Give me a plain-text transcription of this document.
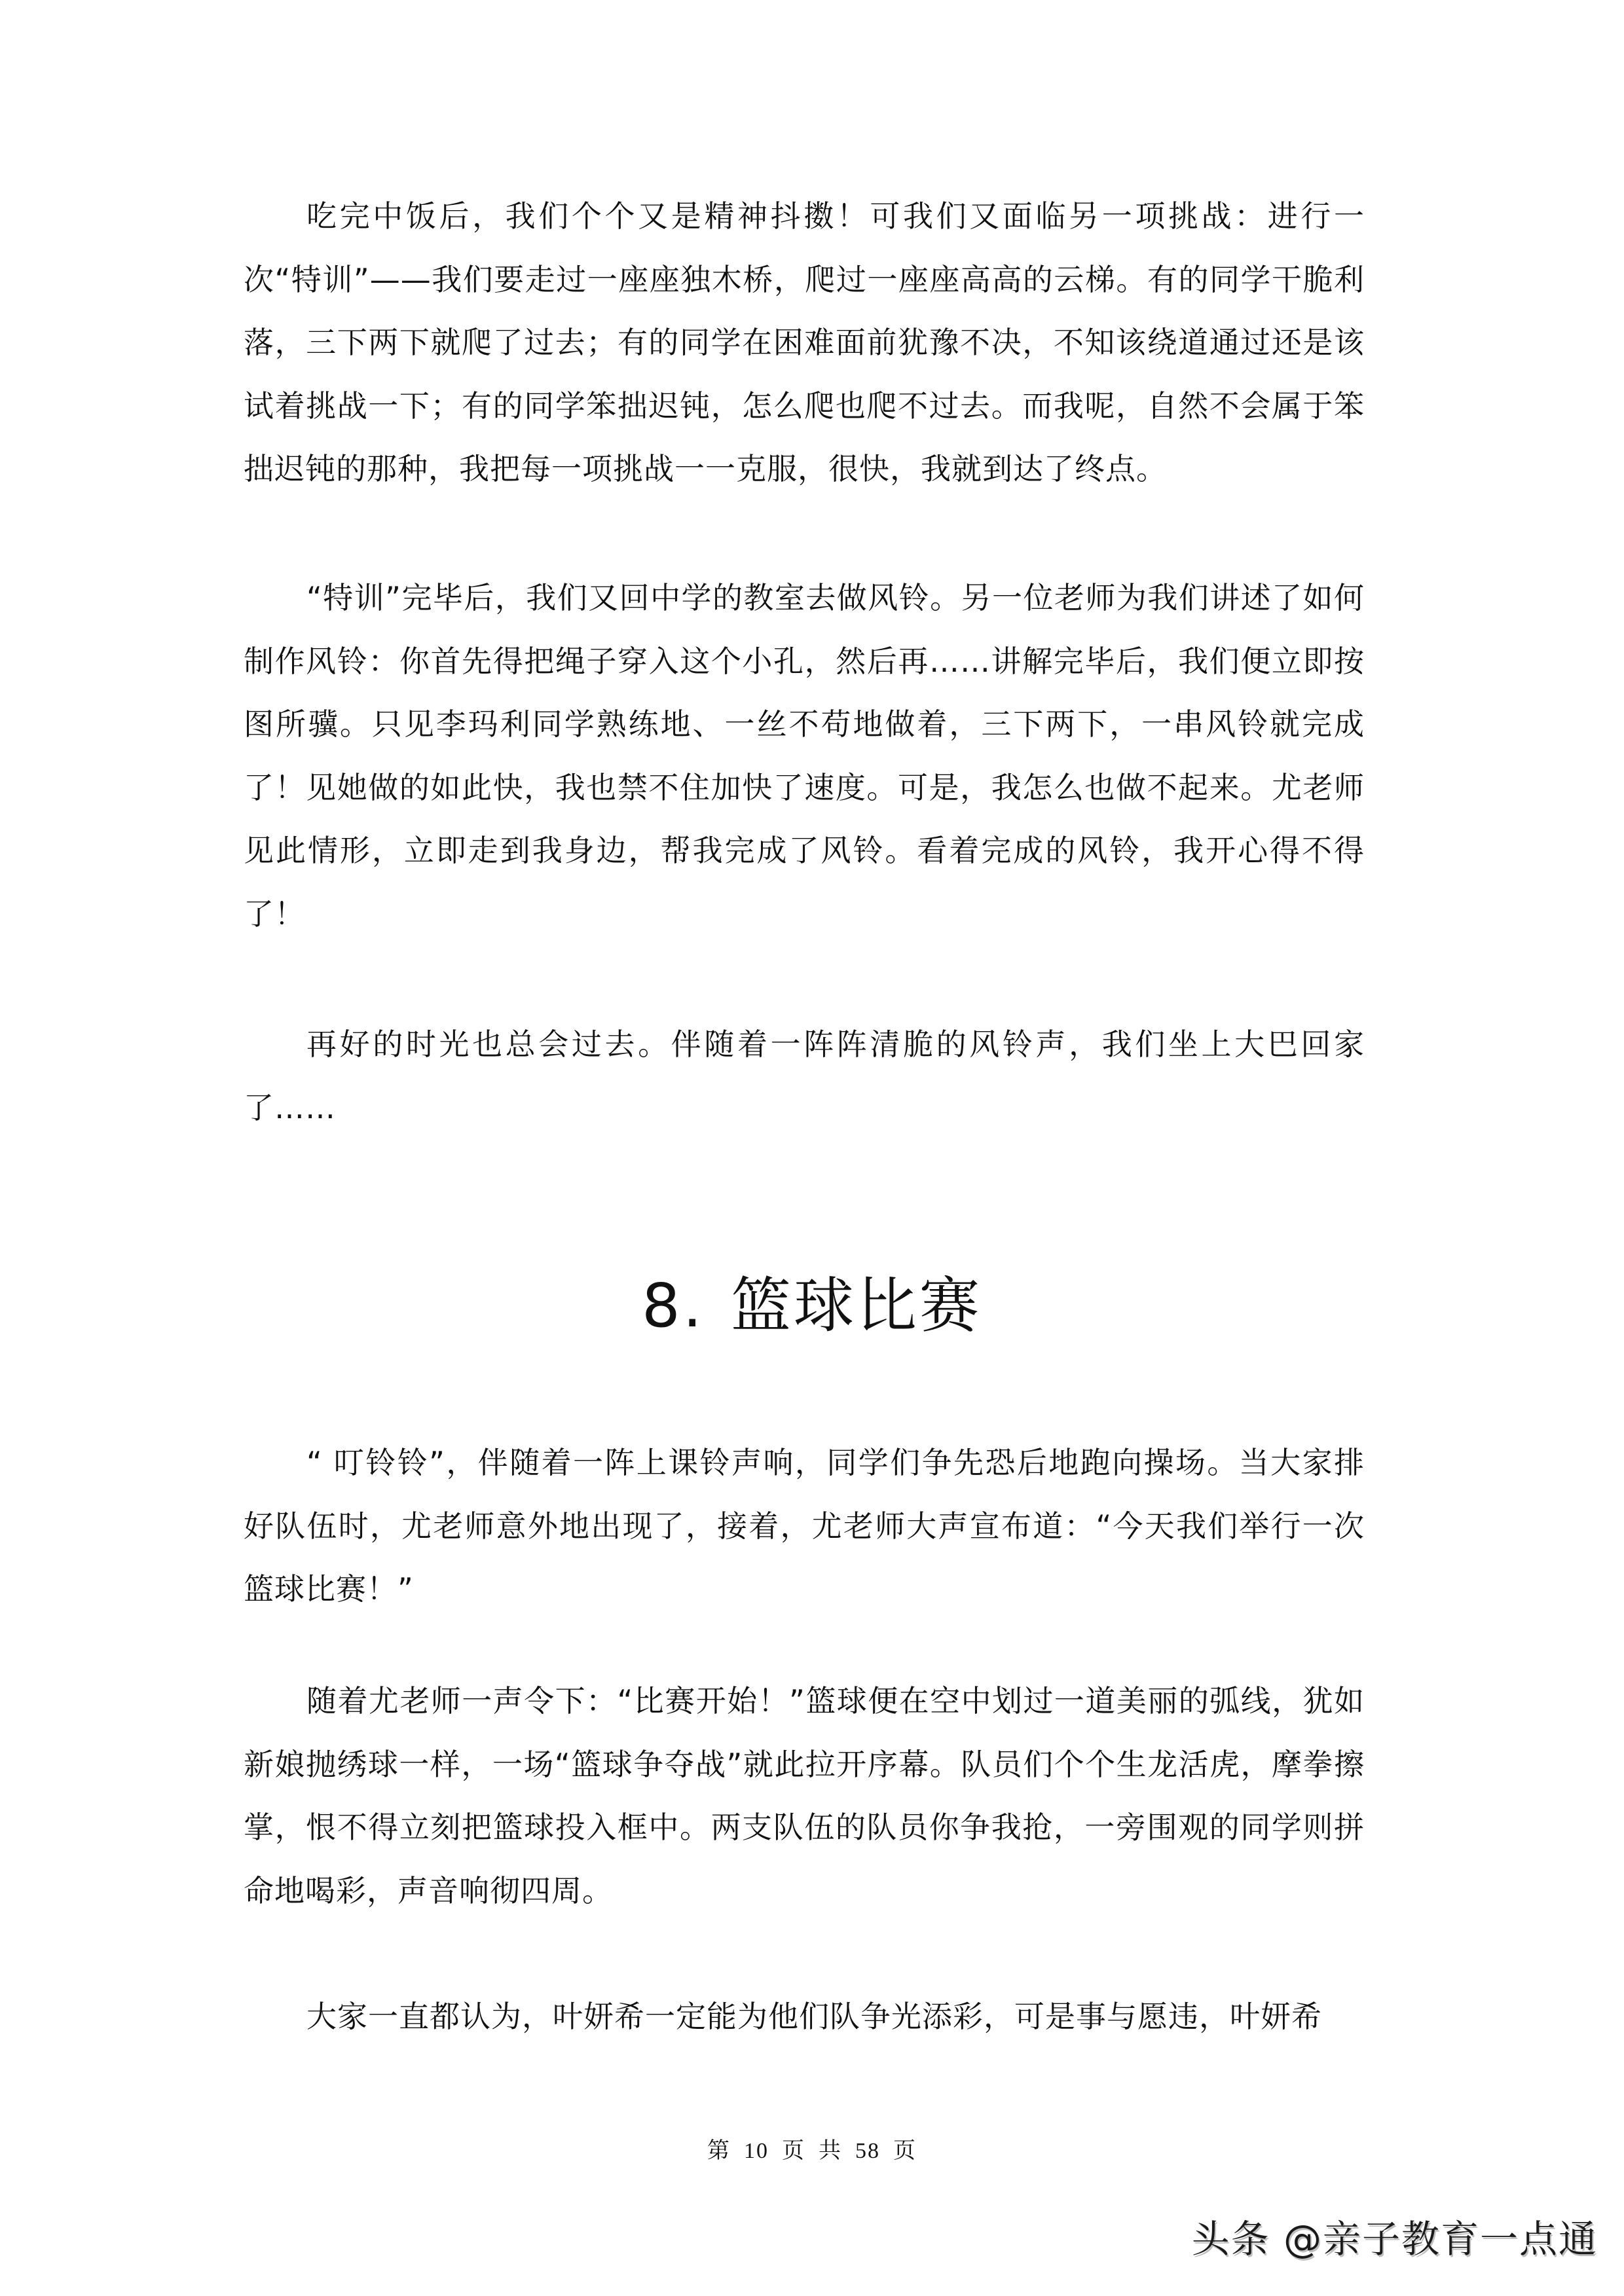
吃完中饭后，我们个个又是精神抖擞！可我们又面临另一项挑战：进行一次“特训”——我们要走过一座座独木桥，爬过一座座高高的云梯。有的同学干脆利落，三下两下就爬了过去；有的同学在困难面前犹豫不决，不知该绕道通过还是该试着挑战一下；有的同学笨拙迟钝，怎么爬也爬不过去。而我呢，自然不会属于笨拙迟钝的那种，我把每一项挑战一一克服，很快，我就到达了终点。

“特训”完毕后，我们又回中学的教室去做风铃。另一位老师为我们讲述了如何制作风铃：你首先得把绳子穿入这个小孔，然后再……讲解完毕后，我们便立即按图所骥。只见李玛利同学熟练地、一丝不苟地做着，三下两下，一串风铃就完成了！见她做的如此快，我也禁不住加快了速度。可是，我怎么也做不起来。尤老师见此情形，立即走到我身边，帮我完成了风铃。看着完成的风铃，我开心得不得了！

再好的时光也总会过去。伴随着一阵阵清脆的风铃声，我们坐上大巴回家了……

8. 篮球比赛

“ 叮铃铃”，伴随着一阵上课铃声响，同学们争先恐后地跑向操场。当大家排好队伍时，尤老师意外地出现了，接着，尤老师大声宣布道：“今天我们举行一次篮球比赛！”

随着尤老师一声令下：“比赛开始！”篮球便在空中划过一道美丽的弧线，犹如新娘抛绣球一样，一场“篮球争夺战”就此拉开序幕。队员们个个生龙活虎，摩拳擦掌，恨不得立刻把篮球投入框中。两支队伍的队员你争我抢，一旁围观的同学则拼命地喝彩，声音响彻四周。

大家一直都认为，叶妍希一定能为他们队争光添彩，可是事与愿违，叶妍希

第 10 页 共 58 页
头条 @亲子教育一点通
